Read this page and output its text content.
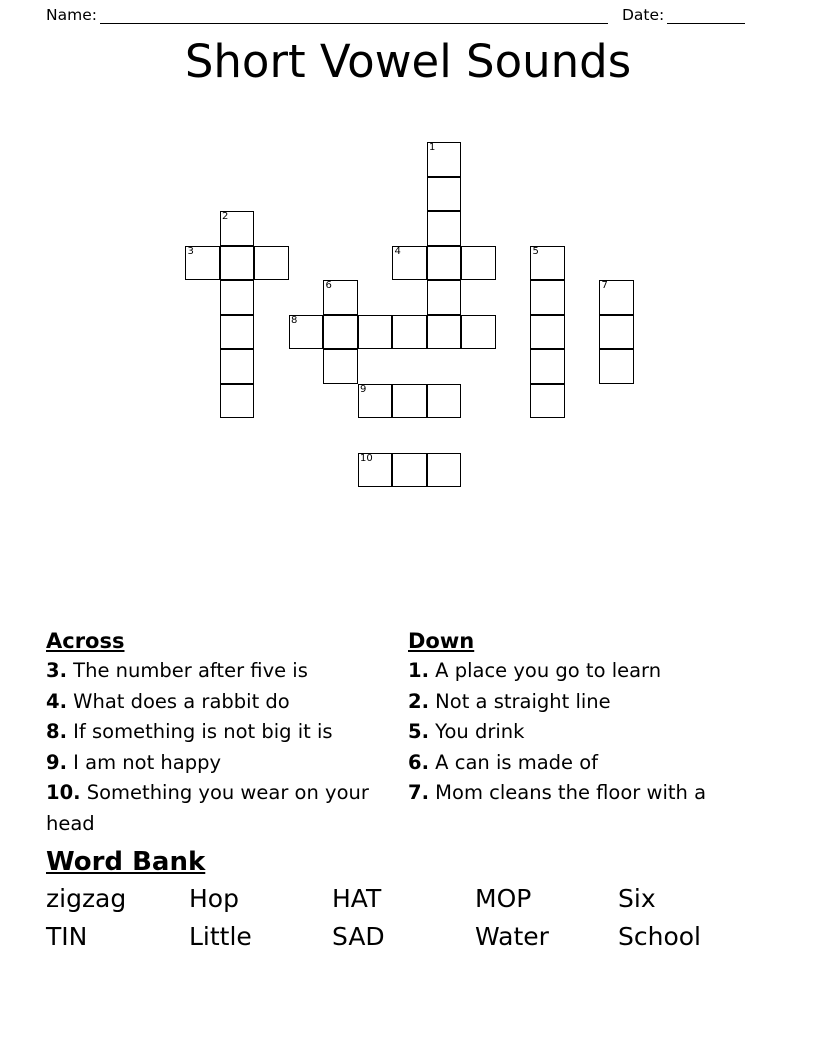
Name:	Date:
Short Vowel Sounds
1
2
3	4	5
6	7
8
9
10
Across
3. The number after five is
4. What does a rabbit do
8. If something is not big it is
9. I am not happy
10. Something you wear on your head
Down
1. A place you go to learn
2. Not a straight line
5. You drink
6. A can is made of
7. Mom cleans the floor with a
Word Bank
zigzag	Hop	HAT	MOP	Six
TIN	Little	SAD	Water	School
